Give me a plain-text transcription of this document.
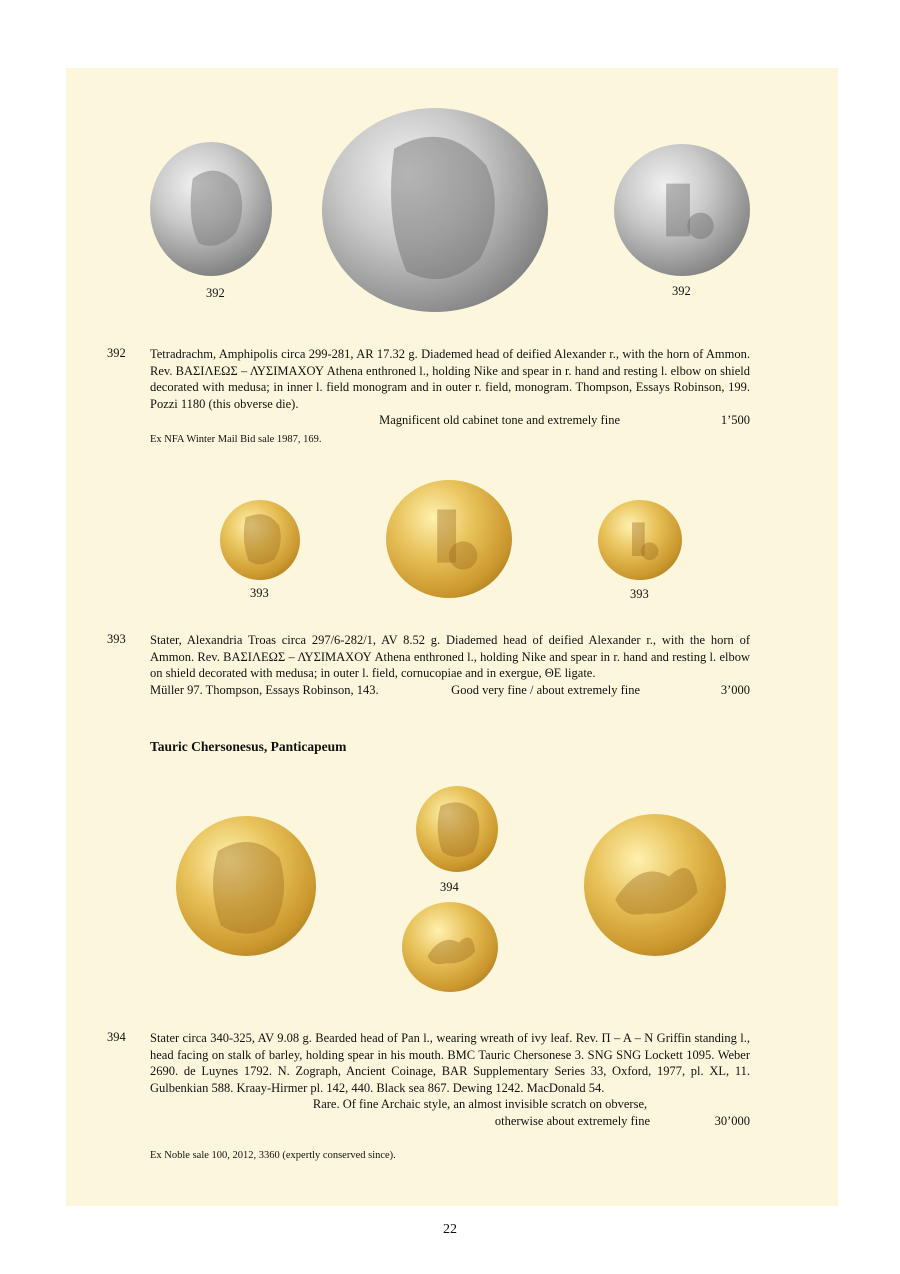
392	392
392 Tetradrachm, Amphipolis circa 299-281, AR 17.32 g. Diademed head of deified Alexander r., with the horn of Ammon. Rev. ΒΑΣΙΛΕΩΣ – ΛΥΣΙΜΑΧΟΥ Athena enthroned l., holding Nike and spear in r. hand and resting l. elbow on shield decorated with medusa; in inner l. field monogram and in outer r. field, monogram. Thompson, Essays Robinson, 199. Pozzi 1180 (this obverse die).
Magnificent old cabinet tone and extremely fine	1’500
Ex NFA Winter Mail Bid sale 1987, 169.
393	393
393 Stater, Alexandria Troas circa 297/6-282/1, AV 8.52 g. Diademed head of deified Alexander r., with the horn of Ammon. Rev. ΒΑΣΙΛΕΩΣ – ΛΥΣΙΜΑΧΟΥ Athena enthroned l., holding Nike and spear in r. hand and resting l. elbow on shield decorated with medusa; in outer l. field, cornucopiae and in exergue, ΘΕ ligate.
Müller 97. Thompson, Essays Robinson, 143.	Good very fine / about extremely fine	3’000
Tauric Chersonesus, Panticapeum
394
394 Stater circa 340-325, AV 9.08 g. Bearded head of Pan l., wearing wreath of ivy leaf. Rev. Π – Α – Ν Griffin standing l., head facing on stalk of barley, holding spear in his mouth. BMC Tauric Chersonese 3. SNG SNG Lockett 1095. Weber 2690. de Luynes 1792. N. Zograph, Ancient Coinage, BAR Supplementary Series 33, Oxford, 1977, pl. XL, 11. Gulbenkian 588. Kraay-Hirmer pl. 142, 440. Black sea 867. Dewing 1242. MacDonald 54.
Rare. Of fine Archaic style, an almost invisible scratch on obverse,
otherwise about extremely fine	30’000
Ex Noble sale 100, 2012, 3360 (expertly conserved since).
22
